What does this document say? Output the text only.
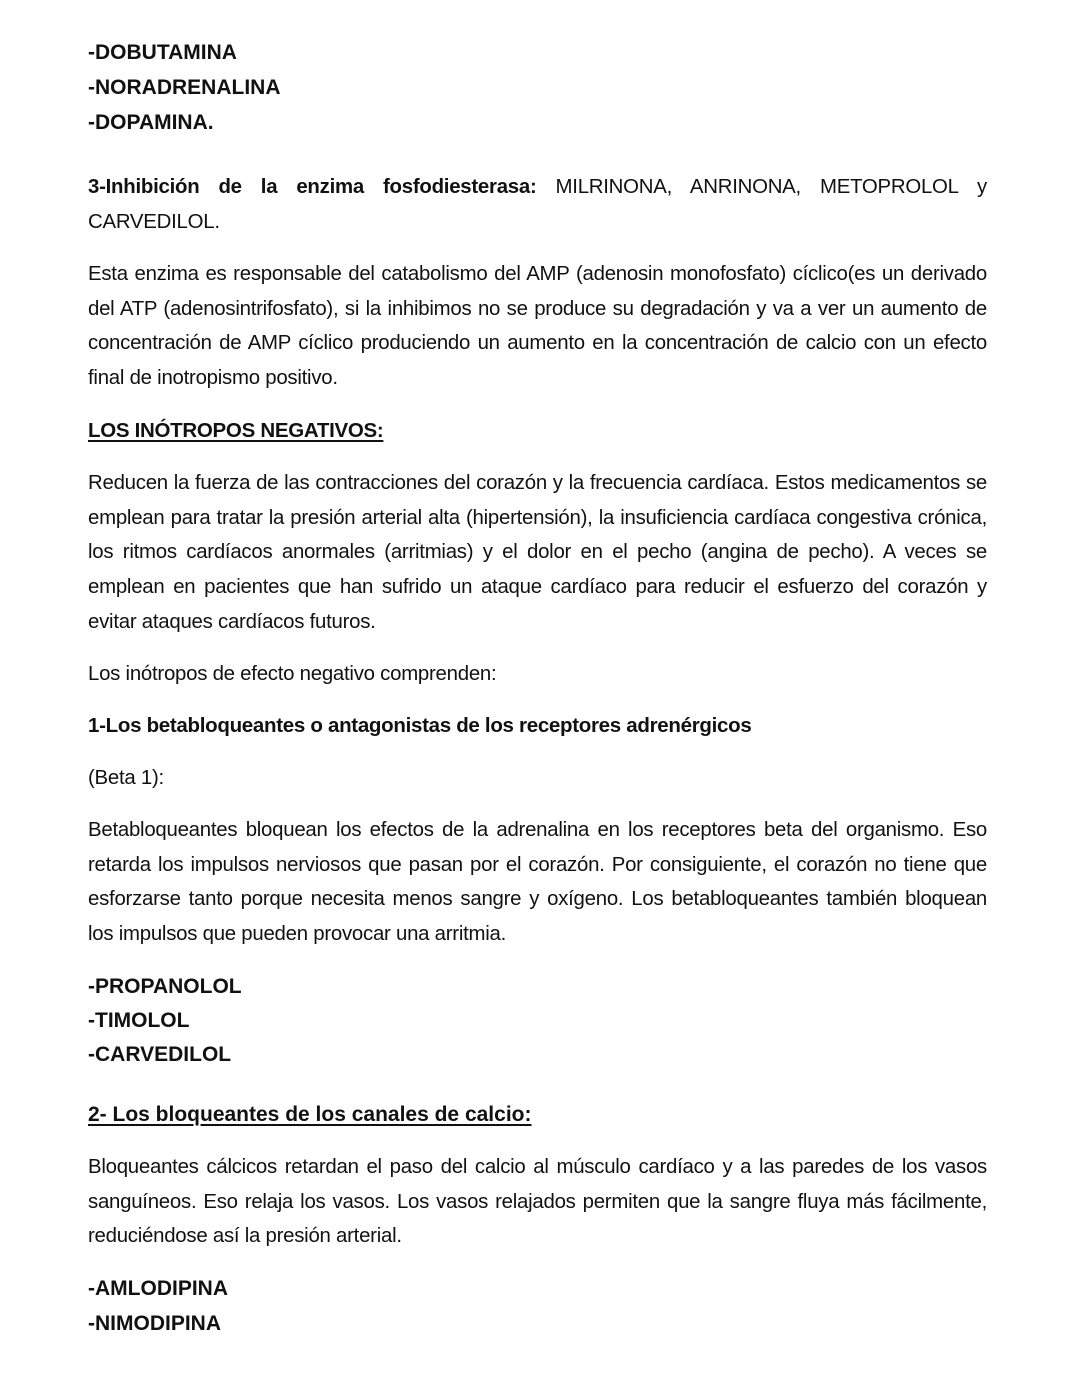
-DOBUTAMINA
-NORADRENALINA
-DOPAMINA.
3-Inhibición de la enzima fosfodiesterasa: MILRINONA, ANRINONA, METOPROLOL y CARVEDILOL.
Esta enzima es responsable del catabolismo del AMP (adenosin monofosfato) cíclico(es un derivado del ATP (adenosintrifosfato), si la inhibimos no se produce su degradación y va a ver un aumento de concentración de AMP cíclico produciendo un aumento en la concentración de calcio con un efecto final de inotropismo positivo.
LOS INÓTROPOS NEGATIVOS:
Reducen la fuerza de las contracciones del corazón y la frecuencia cardíaca. Estos medicamentos se emplean para tratar la presión arterial alta (hipertensión), la insuficiencia cardíaca congestiva crónica, los ritmos cardíacos anormales (arritmias) y el dolor en el pecho (angina de pecho). A veces se emplean en pacientes que han sufrido un ataque cardíaco para reducir el esfuerzo del corazón y evitar ataques cardíacos futuros.
Los inótropos de efecto negativo comprenden:
1-Los betabloqueantes o antagonistas de los receptores adrenérgicos
(Beta 1):
Betabloqueantes bloquean los efectos de la adrenalina en los receptores beta del organismo. Eso retarda los impulsos nerviosos que pasan por el corazón. Por consiguiente, el corazón no tiene que esforzarse tanto porque necesita menos sangre y oxígeno. Los betabloqueantes también bloquean los impulsos que pueden provocar una arritmia.
-PROPANOLOL
-TIMOLOL
-CARVEDILOL
2- Los bloqueantes de los canales de calcio:
Bloqueantes cálcicos retardan el paso del calcio al músculo cardíaco y a las paredes de los vasos sanguíneos. Eso relaja los vasos. Los vasos relajados permiten que la sangre fluya más fácilmente, reduciéndose así la presión arterial.
-AMLODIPINA
-NIMODIPINA
